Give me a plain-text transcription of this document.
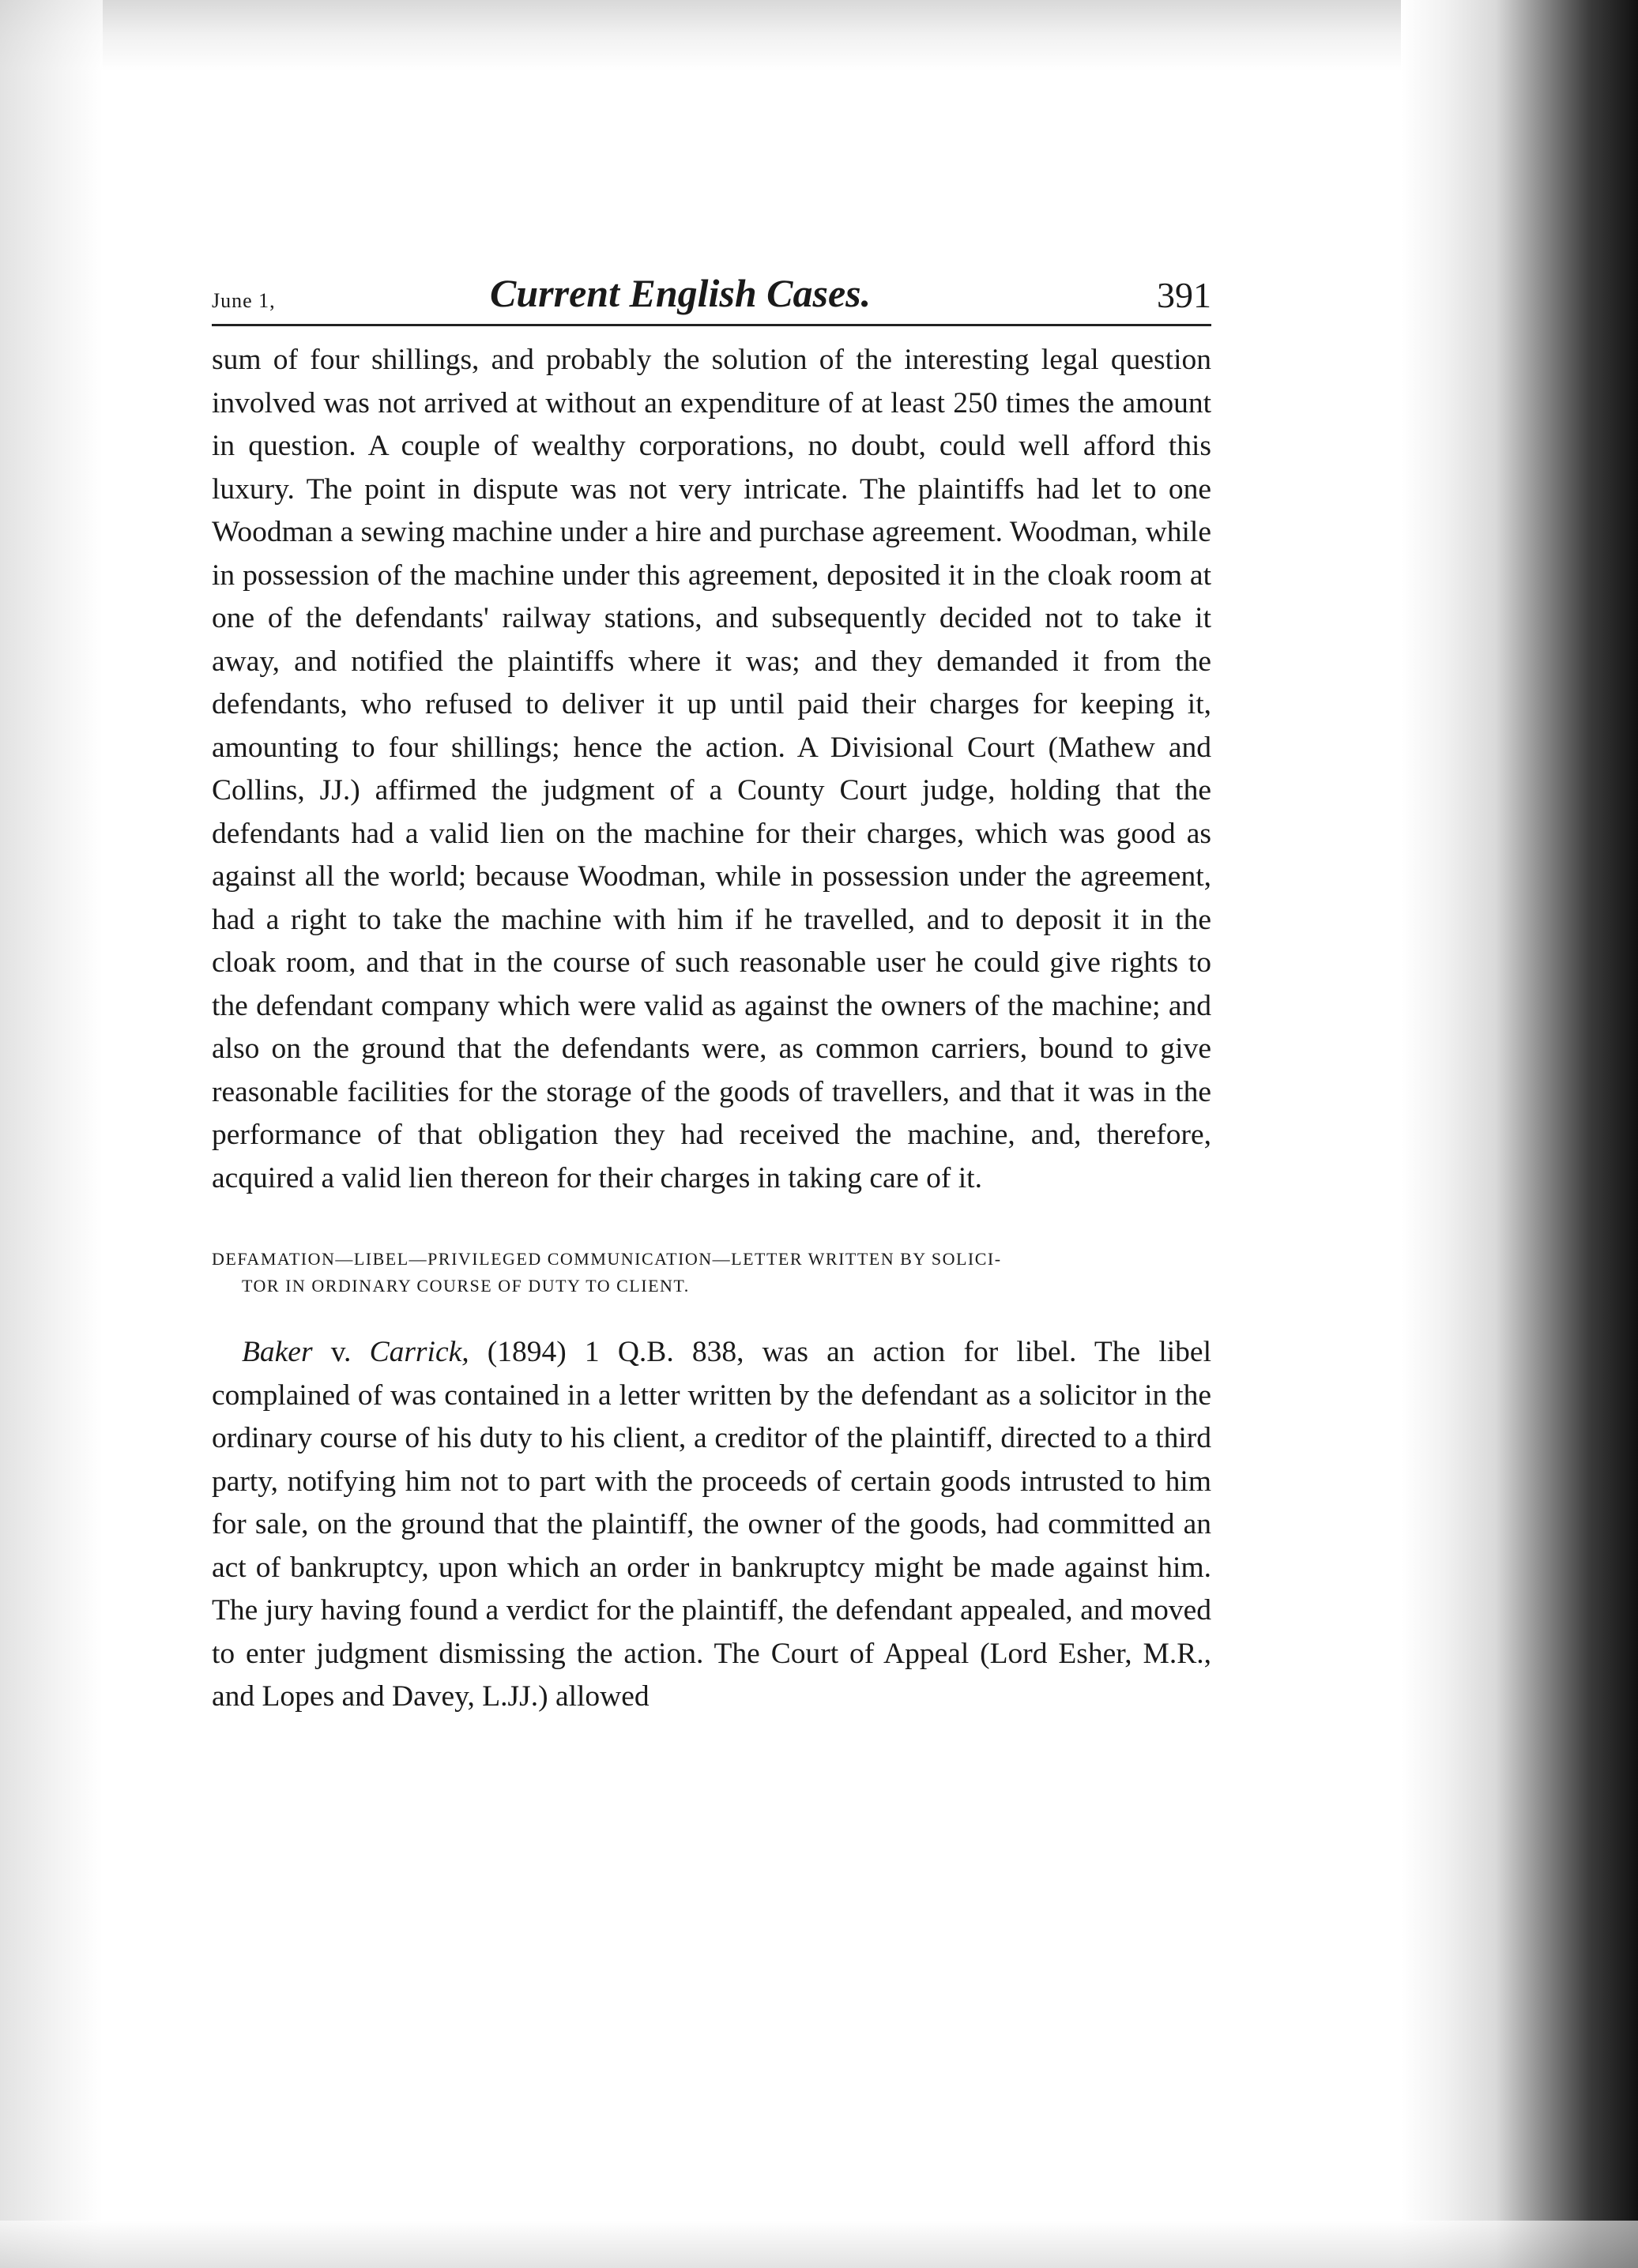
June 1,	Current English Cases.	391

sum of four shillings, and probably the solution of the interesting legal question involved was not arrived at without an expenditure of at least 250 times the amount in question. A couple of wealthy corporations, no doubt, could well afford this luxury. The point in dispute was not very intricate. The plaintiffs had let to one Woodman a sewing machine under a hire and purchase agreement. Woodman, while in possession of the machine under this agreement, deposited it in the cloak room at one of the defendants' railway stations, and subsequently decided not to take it away, and notified the plaintiffs where it was; and they demanded it from the defendants, who refused to deliver it up until paid their charges for keeping it, amounting to four shillings; hence the action. A Divisional Court (Mathew and Collins, JJ.) affirmed the judgment of a County Court judge, holding that the defendants had a valid lien on the machine for their charges, which was good as against all the world; because Woodman, while in possession under the agreement, had a right to take the machine with him if he travelled, and to deposit it in the cloak room, and that in the course of such reasonable user he could give rights to the defendant company which were valid as against the owners of the machine; and also on the ground that the defendants were, as common carriers, bound to give reasonable facilities for the storage of the goods of travellers, and that it was in the performance of that obligation they had received the machine, and, therefore, acquired a valid lien thereon for their charges in taking care of it.

DEFAMATION—LIBEL—PRIVILEGED COMMUNICATION—LETTER WRITTEN BY SOLICI-
TOR IN ORDINARY COURSE OF DUTY TO CLIENT.

Baker v. Carrick, (1894) 1 Q.B. 838, was an action for libel. The libel complained of was contained in a letter written by the defendant as a solicitor in the ordinary course of his duty to his client, a creditor of the plaintiff, directed to a third party, notifying him not to part with the proceeds of certain goods intrusted to him for sale, on the ground that the plaintiff, the owner of the goods, had committed an act of bankruptcy, upon which an order in bankruptcy might be made against him. The jury having found a verdict for the plaintiff, the defendant appealed, and moved to enter judgment dismissing the action. The Court of Appeal (Lord Esher, M.R., and Lopes and Davey, L.JJ.) allowed
